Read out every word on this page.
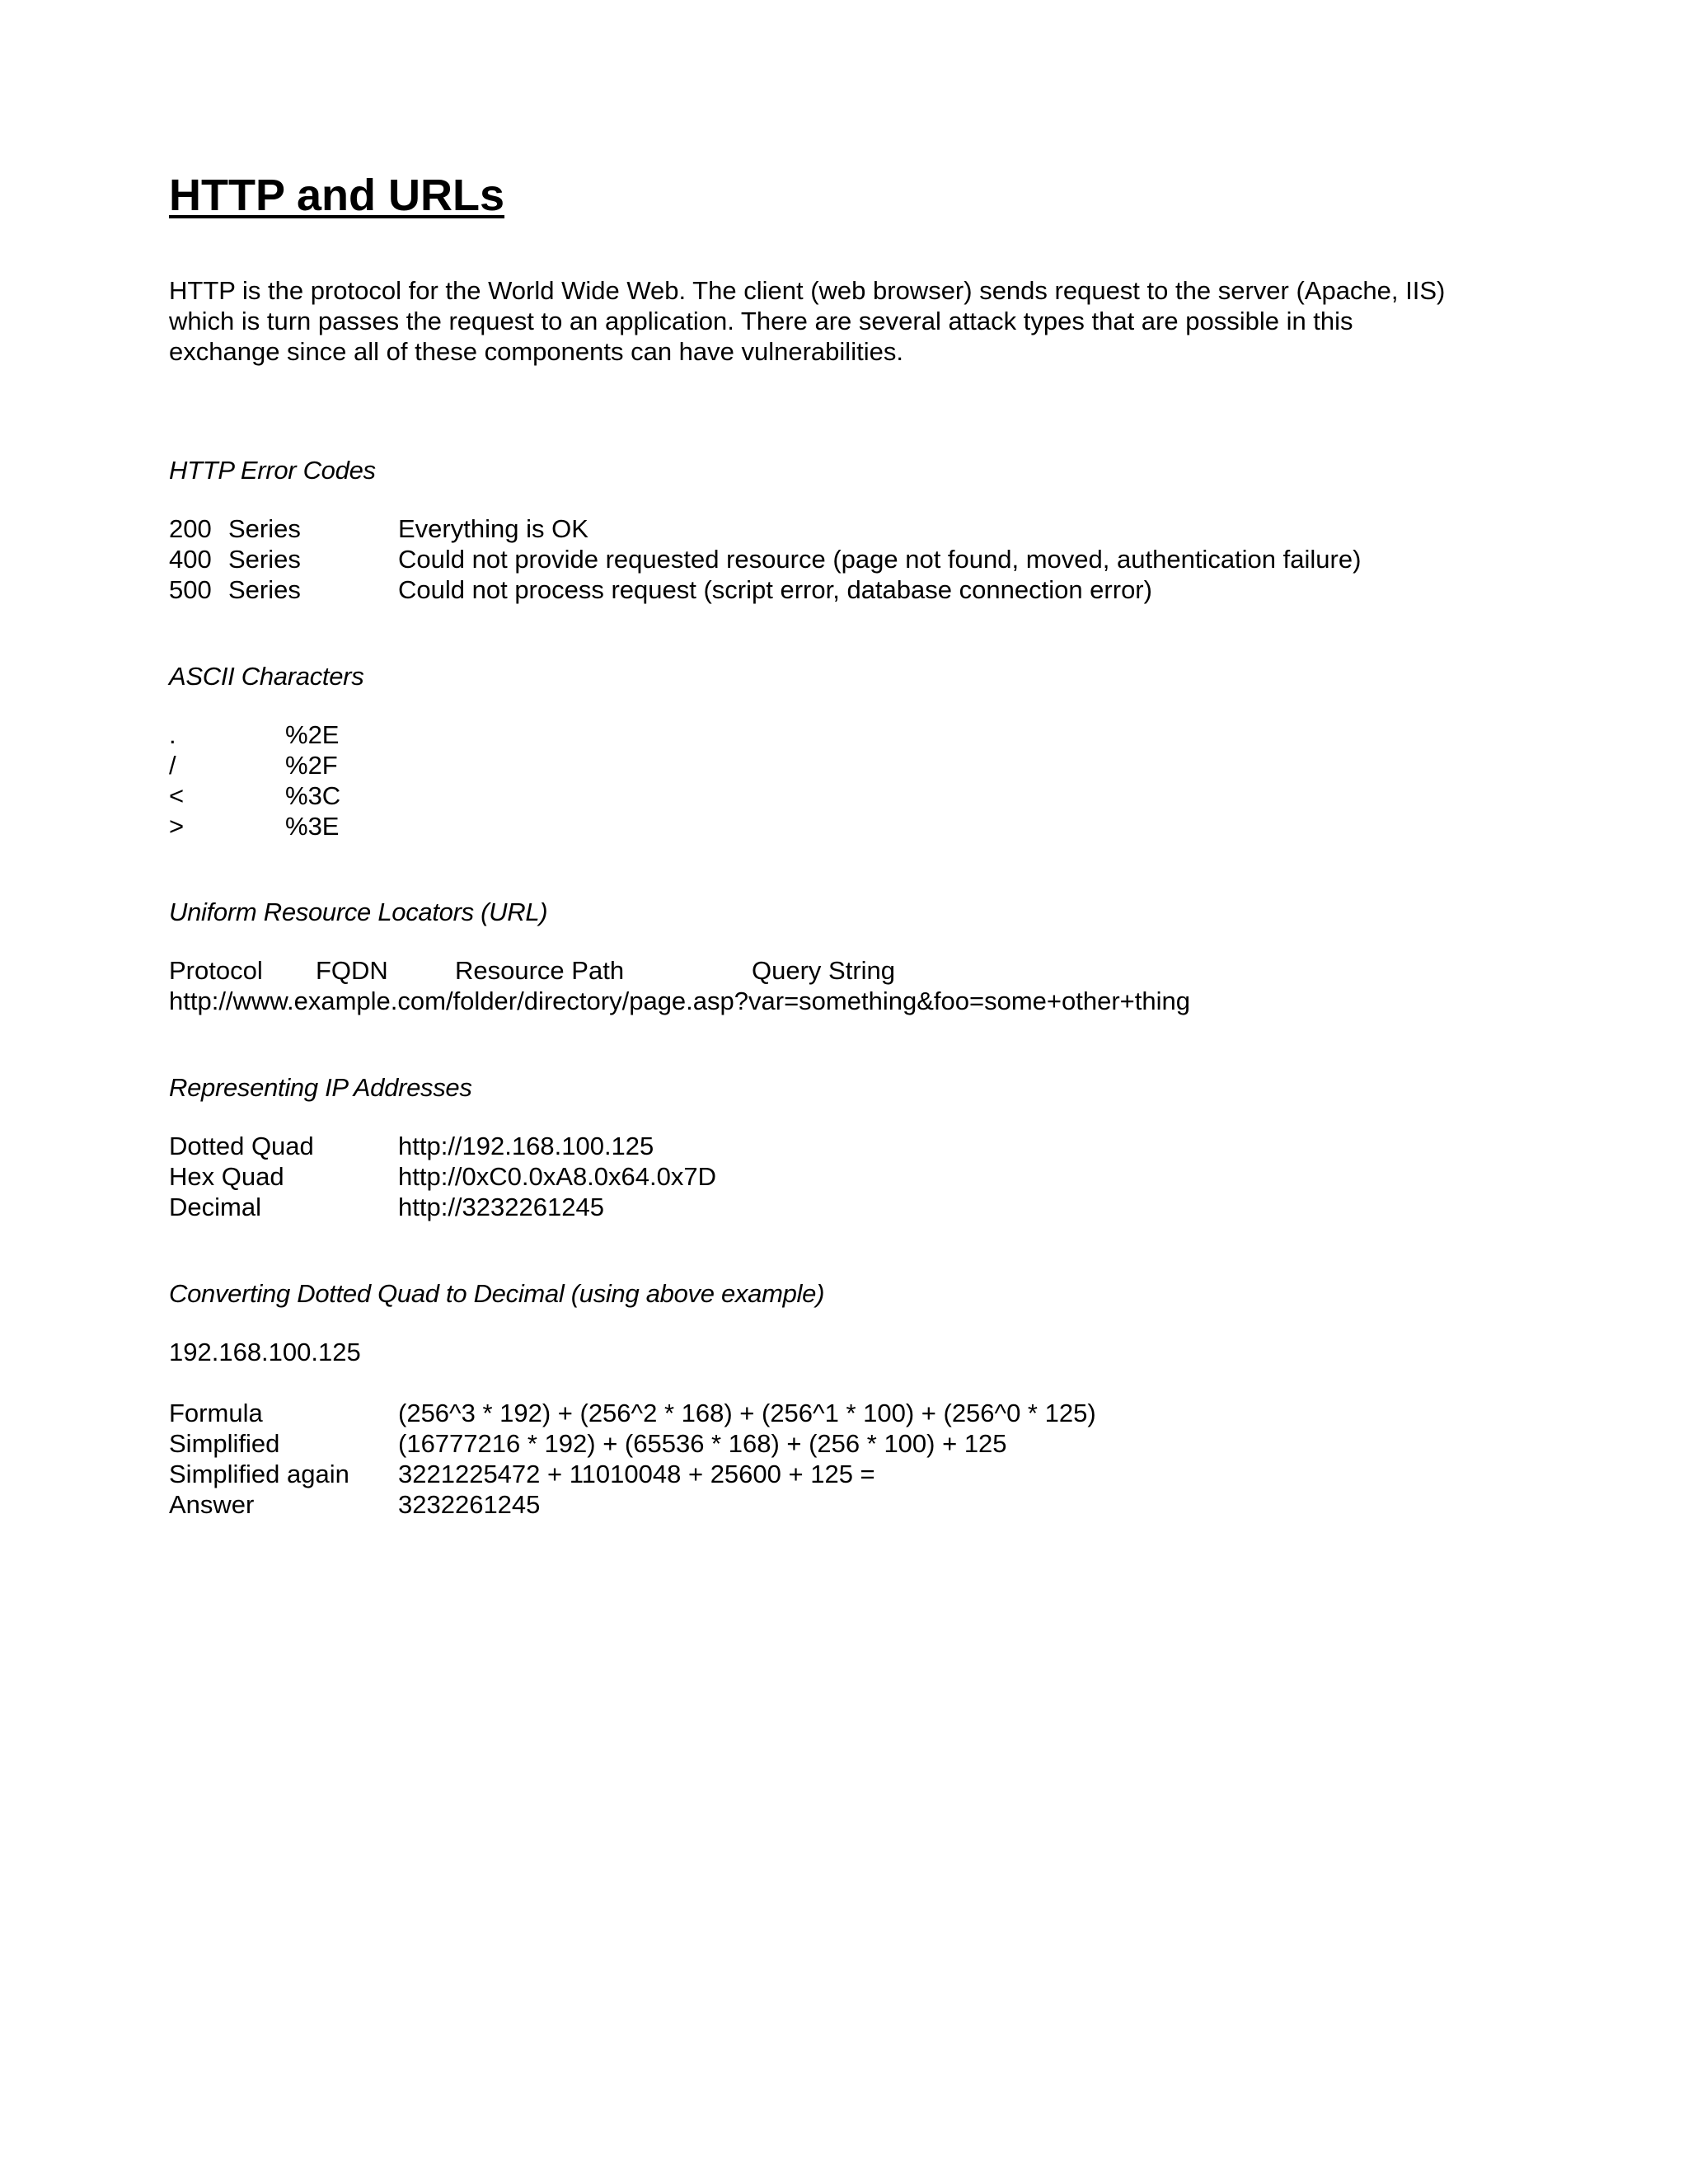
HTTP and URLs
HTTP is the protocol for the World Wide Web. The client (web browser) sends request to the server (Apache, IIS)
which is turn passes the request to an application. There are several attack types that are possible in this
exchange since all of these components can have vulnerabilities.
HTTP Error Codes
200 Series	Everything is OK
400 Series	Could not provide requested resource (page not found, moved, authentication failure)
500 Series	Could not process request (script error, database connection error)
ASCII Characters
.	%2E
/	%2F
<	%3C
>	%3E
Uniform Resource Locators (URL)
Protocol FQDN	Resource Path	Query String
http://www.example.com/folder/directory/page.asp?var=something&foo=some+other+thing
Representing IP Addresses
Dotted Quad	http://192.168.100.125
Hex Quad	http://0xC0.0xA8.0x64.0x7D
Decimal	http://3232261245
Converting Dotted Quad to Decimal (using above example)
192.168.100.125
Formula	(256^3 * 192) + (256^2 * 168) + (256^1 * 100) + (256^0 * 125)
Simplified	(16777216 * 192) + (65536 * 168) + (256 * 100) + 125
Simplified again	3221225472 + 11010048 + 25600 + 125 =
Answer	3232261245
